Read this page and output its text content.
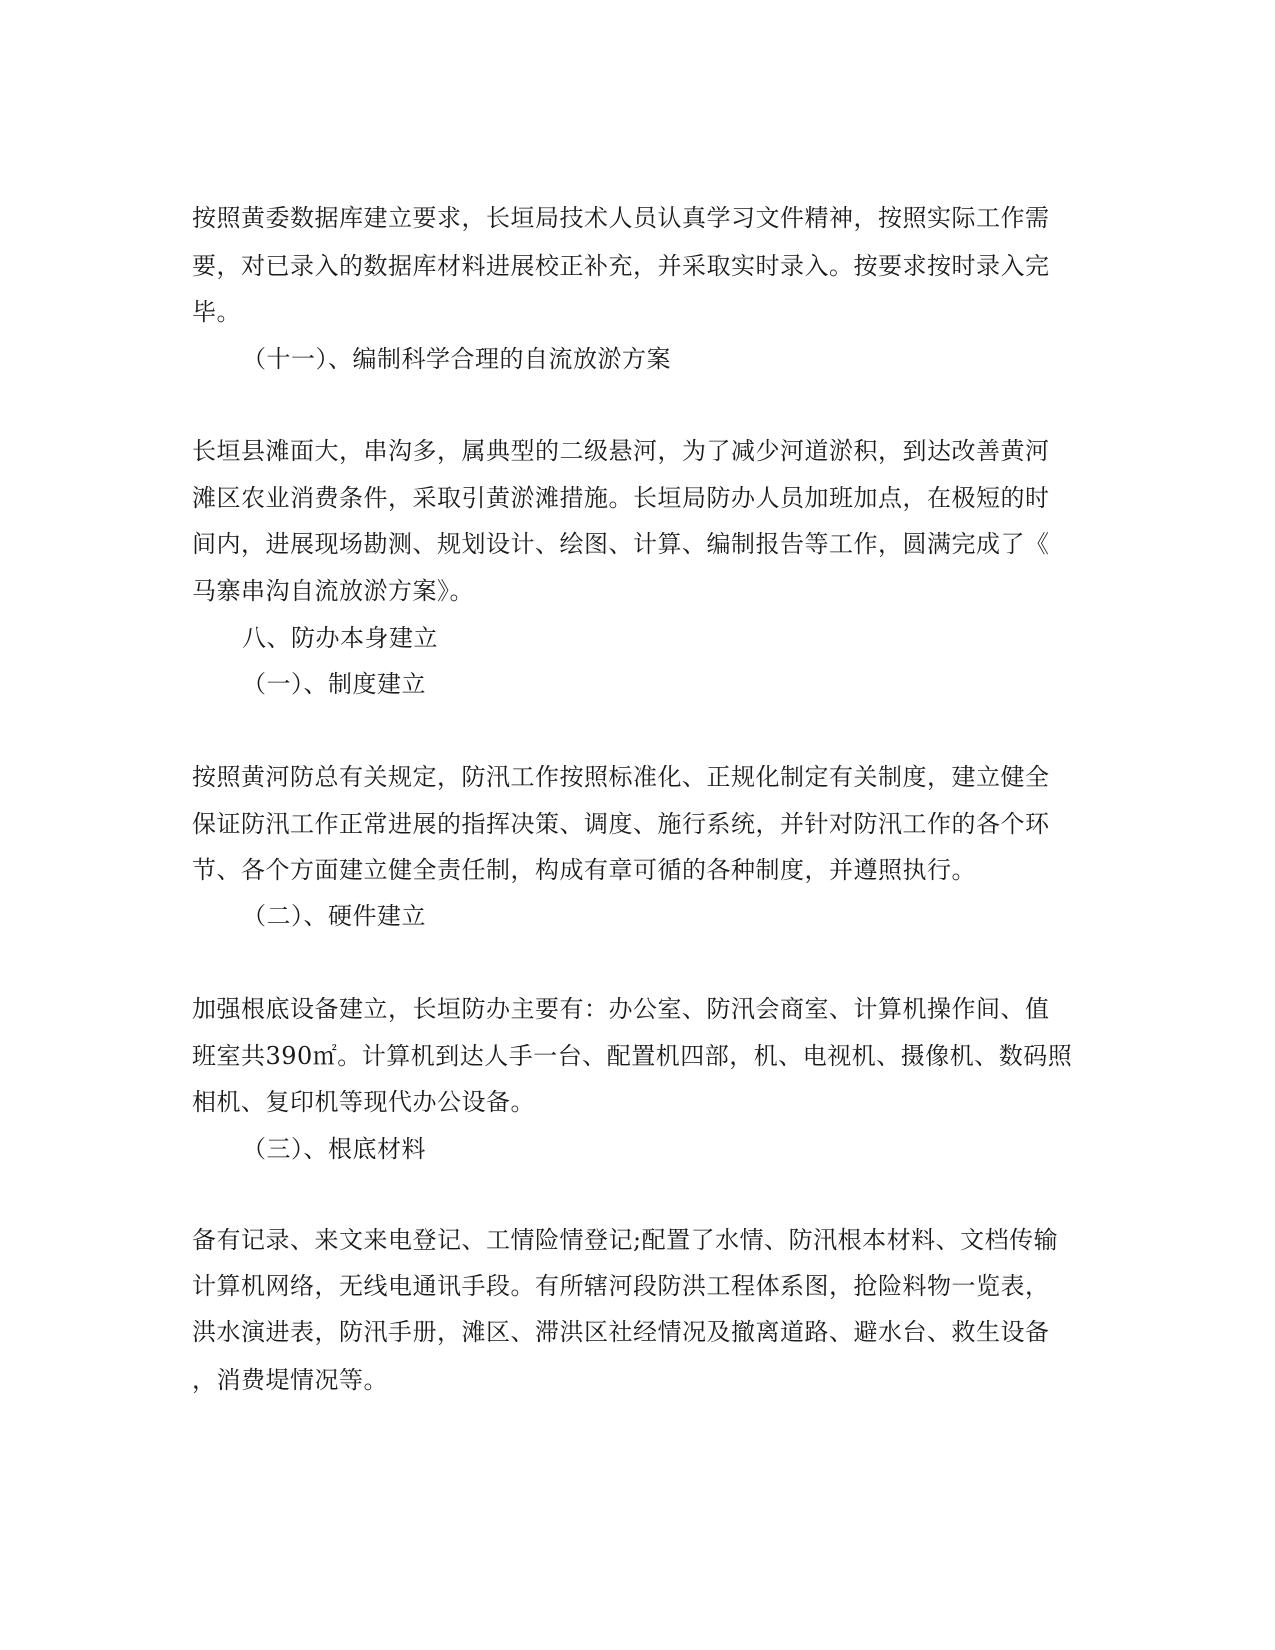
按照黄委数据库建立要求，长垣局技术人员认真学习文件精神，按照实际工作需
要，对已录入的数据库材料进展校正补充，并采取实时录入。按要求按时录入完
毕。
（十一）、编制科学合理的自流放淤方案
长垣县滩面大，串沟多，属典型的二级悬河，为了减少河道淤积，到达改善黄河
滩区农业消费条件，采取引黄淤滩措施。长垣局防办人员加班加点，在极短的时
间内，进展现场勘测、规划设计、绘图、计算、编制报告等工作，圆满完成了《
马寨串沟自流放淤方案》。
八、防办本身建立
（一）、制度建立
按照黄河防总有关规定，防汛工作按照标准化、正规化制定有关制度，建立健全
保证防汛工作正常进展的指挥决策、调度、施行系统，并针对防汛工作的各个环
节、各个方面建立健全责任制，构成有章可循的各种制度，并遵照执行。
（二）、硬件建立
加强根底设备建立，长垣防办主要有：办公室、防汛会商室、计算机操作间、值
班室共390㎡。计算机到达人手一台、配置机四部，机、电视机、摄像机、数码照
相机、复印机等现代办公设备。
（三）、根底材料
备有记录、来文来电登记、工情险情登记;配置了水情、防汛根本材料、文档传输
计算机网络，无线电通讯手段。有所辖河段防洪工程体系图，抢险料物一览表，
洪水演进表，防汛手册，滩区、滞洪区社经情况及撤离道路、避水台、救生设备
，消费堤情况等。
